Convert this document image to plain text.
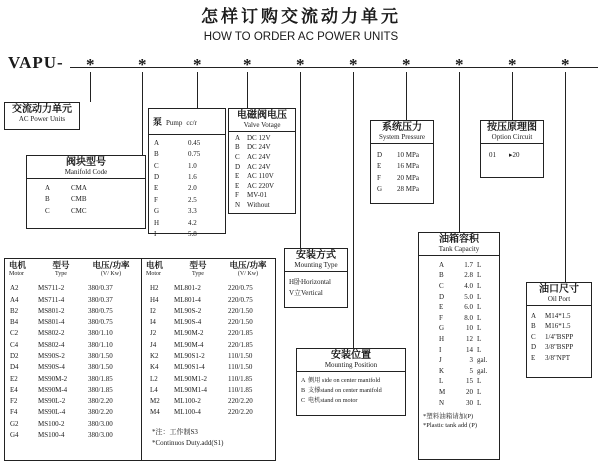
怎样订购交流动力单元
HOW TO ORDER AC POWER UNITS
VAPU- *	*	* *	*	*	*	*	*	*
交流动力单元
AC Power Units
阀块型号
Manifold Code
A	CMA
B	CMB
C	CMC
泵 Pump cc/r
A	0.45
B	0.75
C	1.0
D	1.6
E	2.0
F	2.5
G	3.3
H	4.2
I	5.8
电磁阀电压
Valve Votage
A DC 12V
B DC 24V
C AC 24V
D AC 24V
E AC 110V
E AC 220V
F MV-01
N Without
系统压力
System Pressure
D 10 MPa
E 16 MPa
F 20 MPa
G 28 MPa
按压原理图
Option Circuit
01 ▸20
电机
Motor
型号
Type
电压/功率
(V/ Kw)
A2	MS711-2	380/0.37
A4	MS711-4	380/0.37
B2	MS801-2	380/0.75
B4	MS801-4	380/0.75
C2	MS802-2	380/1.10
C4	MS802-4	380/1.10
D2	MS90S-2	380/1.50
D4	MS90S-4	380/1.50
E2	MS90M-2	380/1.85
E4	MS90M-4	380/1.85
F2	MS90L-2	380/2.20
F4	MS90L-4	380/2.20
G2	MS100-2	380/3.00
G4	MS100-4	380/3.00
电机
Motor
型号
Type
电压/功率
(V/ Kw)
H2 ML801-2	220/0.75
H4 ML801-4	220/0.75
I2	ML90S-2	220/1.50
I4	ML90S-4	220/1.50
J2	ML90M-2	220/1.85
J4	ML90M-4	220/1.85
K2 ML90S1-2	110/1.50
K4 ML90S1-4	110/1.50
L2 ML90M1-2	110/1.85
L4 ML90M1-4	110/1.85
M2 ML100-2	220/2.20
M4 ML100-4	220/2.20
*注：工作制S3
*Continuos Duty.add(S1)
安装方式
Mounting Type
H卧Horizontal
V立Vertical
安装位置
Mounting Position
A 侧用 side on center manifold
B 支撑stand on center manifold
C 电机stand on motor
油箱容积
Tank Capacity
A	1.7 L
B	2.8 L
C	4.0 L
D	5.0 L
E	6.0 L
F	8.0 L
G	10 L
H	12 L
I	14 L
J	3 gal.
K	5 gal.
L	15 L
M	20 L
N	30 L
*塑料油箱请加(P)
*Plastic tank add (P)
油口尺寸
Oil Port
A M14*1.5
B M16*1.5
C 1/4"BSPP
D 3/8"BSPP
E 3/8"NPT
